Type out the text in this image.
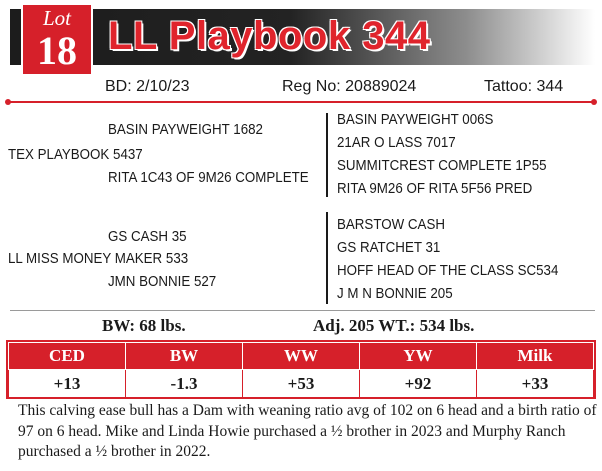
Lot
18 LL Playbook 344
BD: 2/10/23	Reg No: 20889024	Tattoo: 344
BASIN PAYWEIGHT 1682
TEX PLAYBOOK 5437
RITA 1C43 OF 9M26 COMPLETE
BASIN PAYWEIGHT 006S
21AR O LASS 7017
SUMMITCREST COMPLETE 1P55
RITA 9M26 OF RITA 5F56 PRED
GS CASH 35
LL MISS MONEY MAKER 533
JMN BONNIE 527
BARSTOW CASH
GS RATCHET 31
HOFF HEAD OF THE CLASS SC534
J M N BONNIE 205
BW: 68 lbs.	Adj. 205 WT.: 534 lbs.
CED	BW	WW	YW	Milk
+13	-1.3	+53	+92	+33
This calving ease bull has a Dam with weaning ratio avg of 102 on 6 head and a birth ratio of 97 on 6 head. Mike and Linda Howie purchased a ½ brother in 2023 and Murphy Ranch purchased a ½ brother in 2022.
